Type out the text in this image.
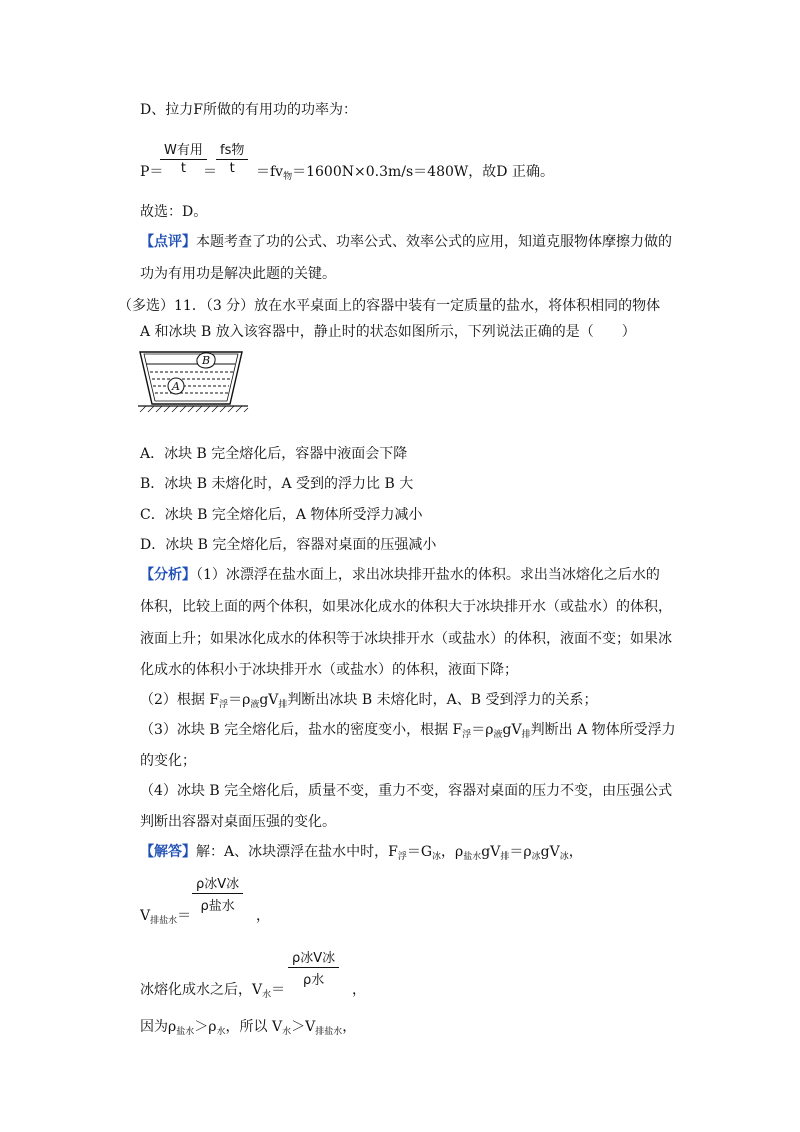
D、拉力F所做的有用功的功率为：
W有用
t
fs物
t
P＝	＝	$=fv_物=1600N\times 0.3m/s=480W$，故D 正确。
故选：D。
【点评】本题考查了功的公式、功率公式、效率公式的应用，知道克服物体摩擦力做的
功为有用功是解决此题的关键。
（多选）11．（3 分）放在水平桌面上的容器中装有一定质量的盐水，将体积相同的物体
A 和冰块 B 放入该容器中，静止时的状态如图所示，下列说法正确的是（　　）
A
B
A．冰块 B 完全熔化后，容器中液面会下降
B．冰块 B 未熔化时，A 受到的浮力比 B 大
C．冰块 B 完全熔化后，A 物体所受浮力减小
D．冰块 B 完全熔化后，容器对桌面的压强减小
【分析】（1）冰漂浮在盐水面上，求出冰块排开盐水的体积。求出当冰熔化之后水的
体积，比较上面的两个体积，如果冰化成水的体积大于冰块排开水（或盐水）的体积，
液面上升；如果冰化成水的体积等于冰块排开水（或盐水）的体积，液面不变；如果冰
化成水的体积小于冰块排开水（或盐水）的体积，液面下降；
（2）根据 $F_浮=\rho_液gV_排$判断出冰块 B 未熔化时，A、B 受到浮力的关系；
（3）冰块 B 完全熔化后，盐水的密度变小，根据 $F_浮=\rho_液gV_排$判断出 A 物体所受浮力
的变化；
（4）冰块 B 完全熔化后，质量不变，重力不变，容器对桌面的压力不变，由压强公式
判断出容器对桌面压强的变化。
【解答】解：A、冰块漂浮在盐水中时，$F_浮=G_冰$，$\rho_{盐水}gV_排=\rho_冰gV_冰$，
ρ冰V冰
ρ盐水
$V_{排盐水}=$	，
ρ冰V冰
ρ水
冰熔化成水之后，$V_水=$	，
因为$\rho_{盐水}>\rho_水$，所以 $V_水>V_{排盐水}$，
